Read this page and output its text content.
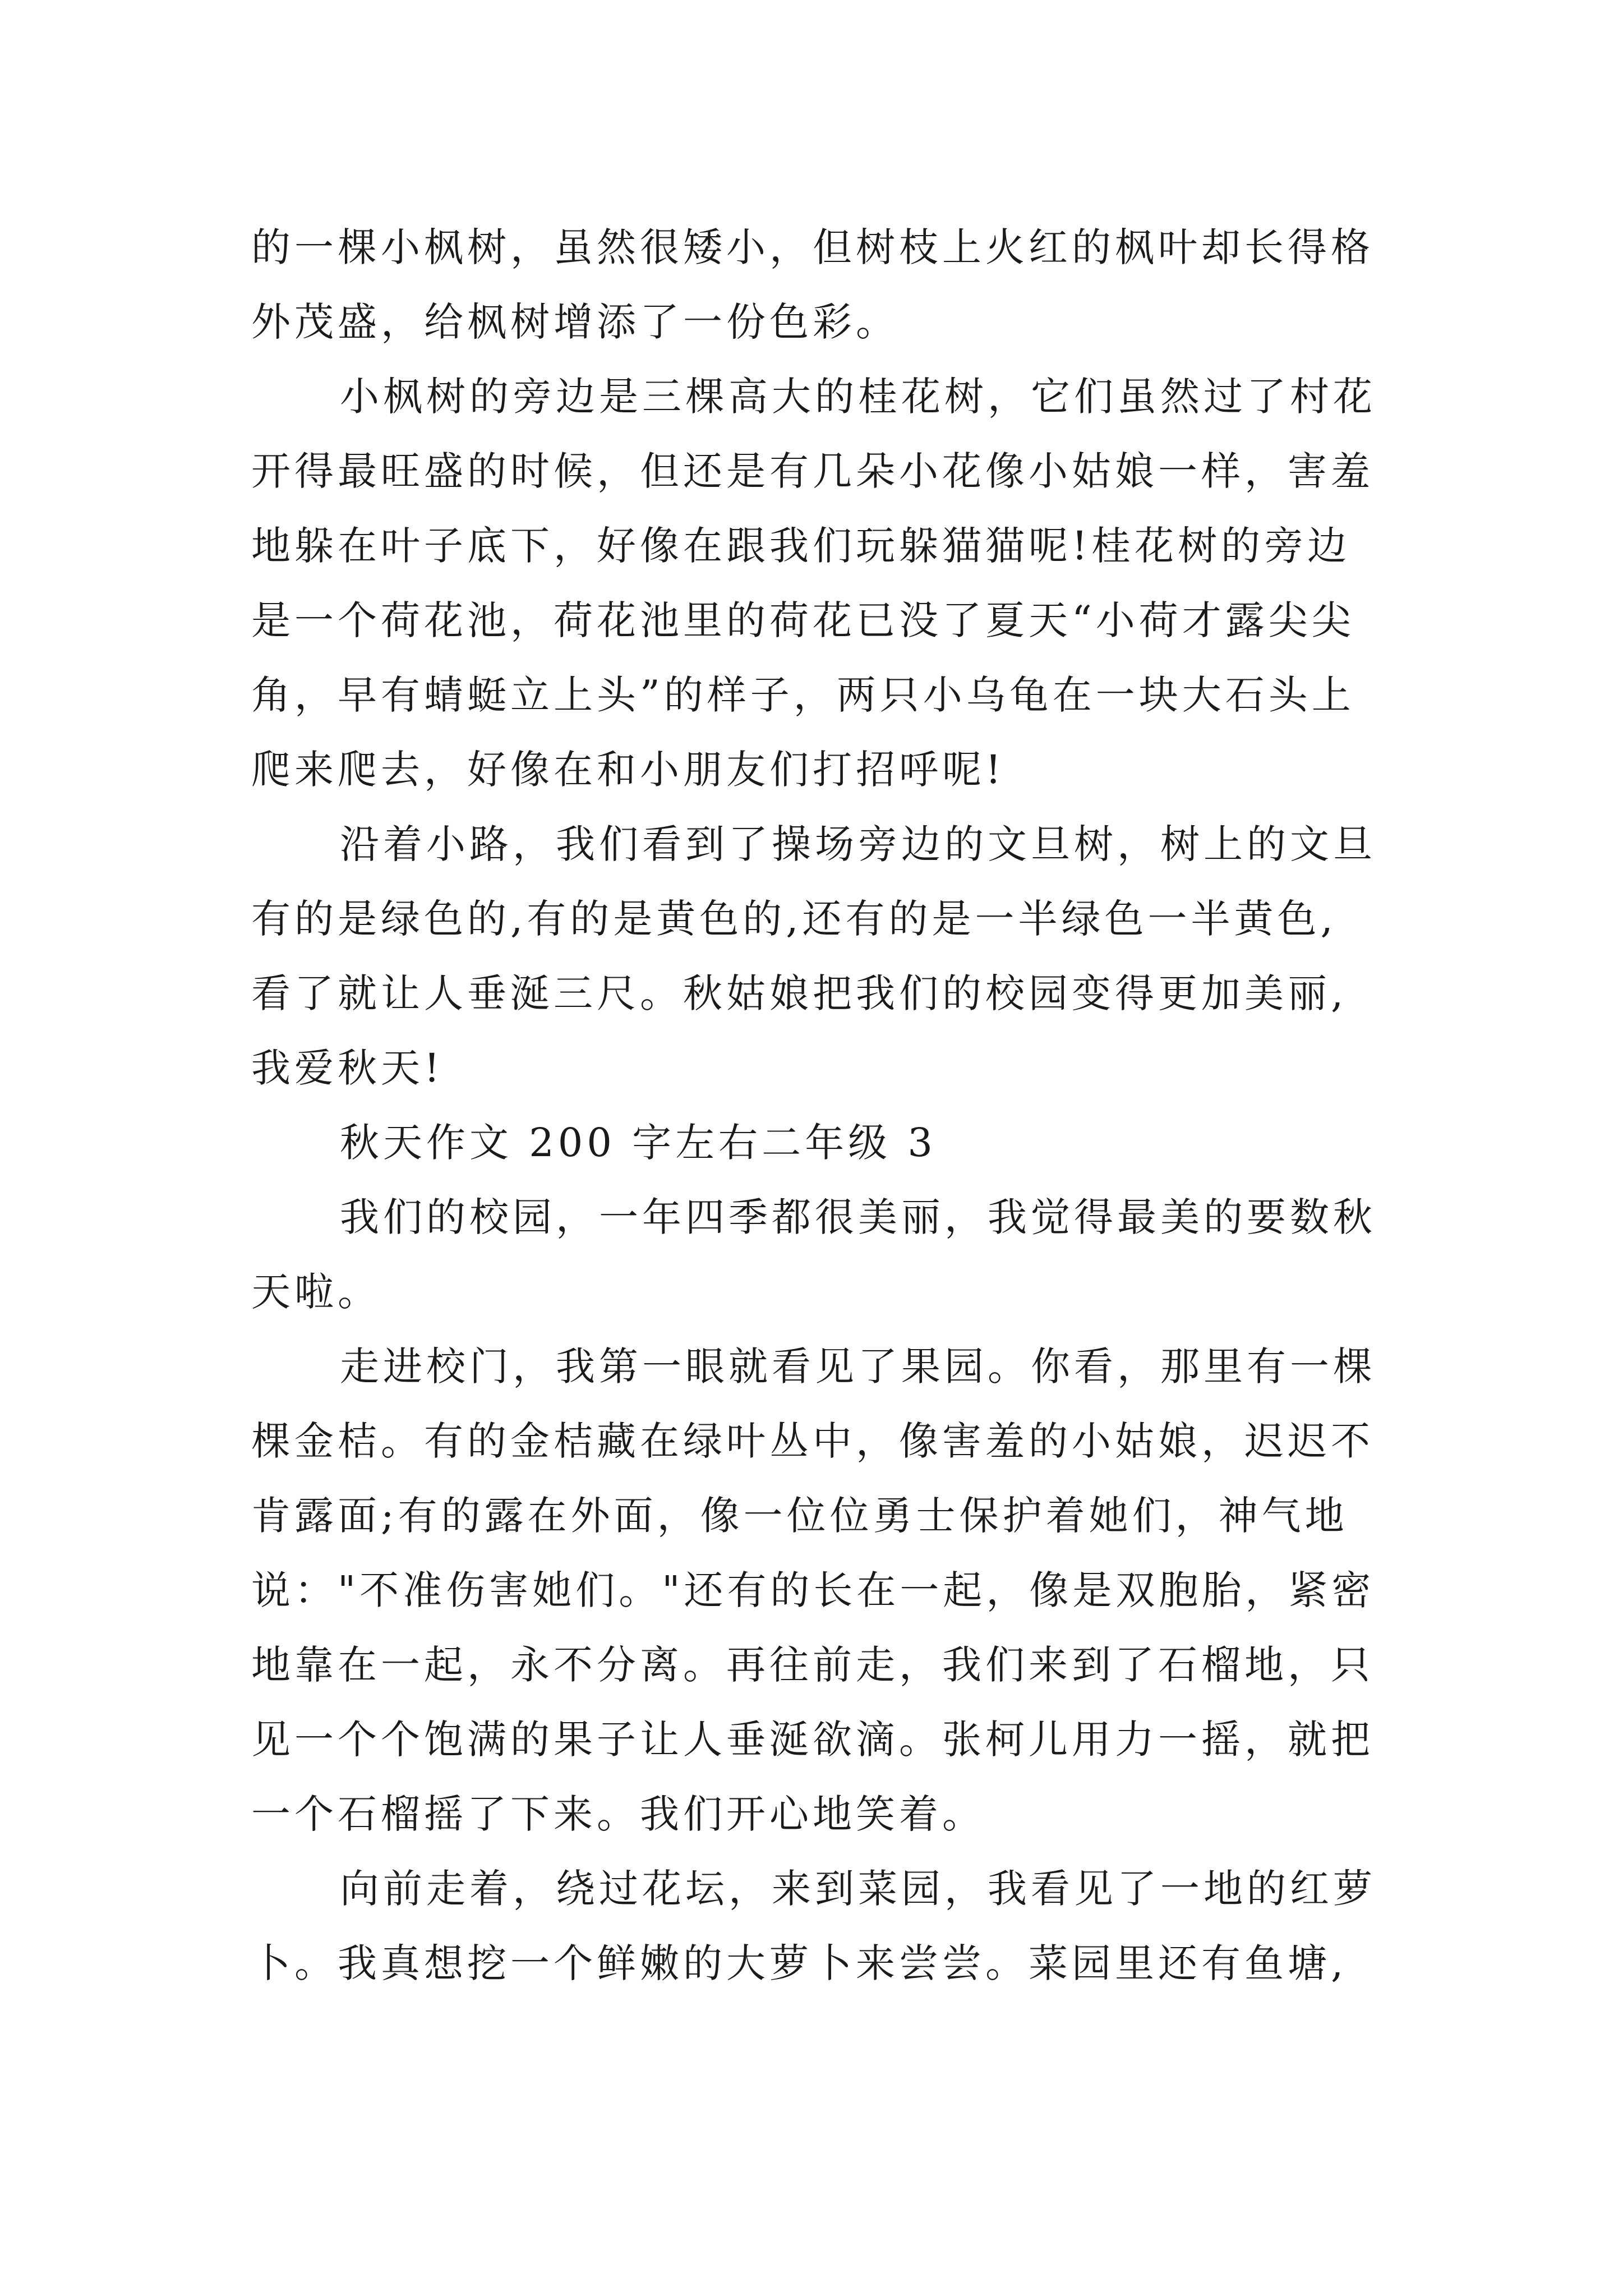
的一棵小枫树，虽然很矮小，但树枝上火红的枫叶却长得格
外茂盛，给枫树增添了一份色彩。
小枫树的旁边是三棵高大的桂花树，它们虽然过了村花
开得最旺盛的时候，但还是有几朵小花像小姑娘一样，害羞
地躲在叶子底下，好像在跟我们玩躲猫猫呢!桂花树的旁边
是一个荷花池，荷花池里的荷花已没了夏天“小荷才露尖尖
角，早有蜻蜓立上头”的样子，两只小乌龟在一块大石头上
爬来爬去，好像在和小朋友们打招呼呢!
沿着小路，我们看到了操场旁边的文旦树，树上的文旦
有的是绿色的,有的是黄色的,还有的是一半绿色一半黄色,
看了就让人垂涎三尺。秋姑娘把我们的校园变得更加美丽,
我爱秋天!
秋天作文 200 字左右二年级 3
我们的校园，一年四季都很美丽，我觉得最美的要数秋
天啦。
走进校门，我第一眼就看见了果园。你看，那里有一棵
棵金桔。有的金桔藏在绿叶丛中，像害羞的小姑娘，迟迟不
肯露面;有的露在外面，像一位位勇士保护着她们，神气地
说："不准伤害她们。"还有的长在一起，像是双胞胎，紧密
地靠在一起，永不分离。再往前走，我们来到了石榴地，只
见一个个饱满的果子让人垂涎欲滴。张柯儿用力一摇，就把
一个石榴摇了下来。我们开心地笑着。
向前走着，绕过花坛，来到菜园，我看见了一地的红萝
卜。我真想挖一个鲜嫩的大萝卜来尝尝。菜园里还有鱼塘,
